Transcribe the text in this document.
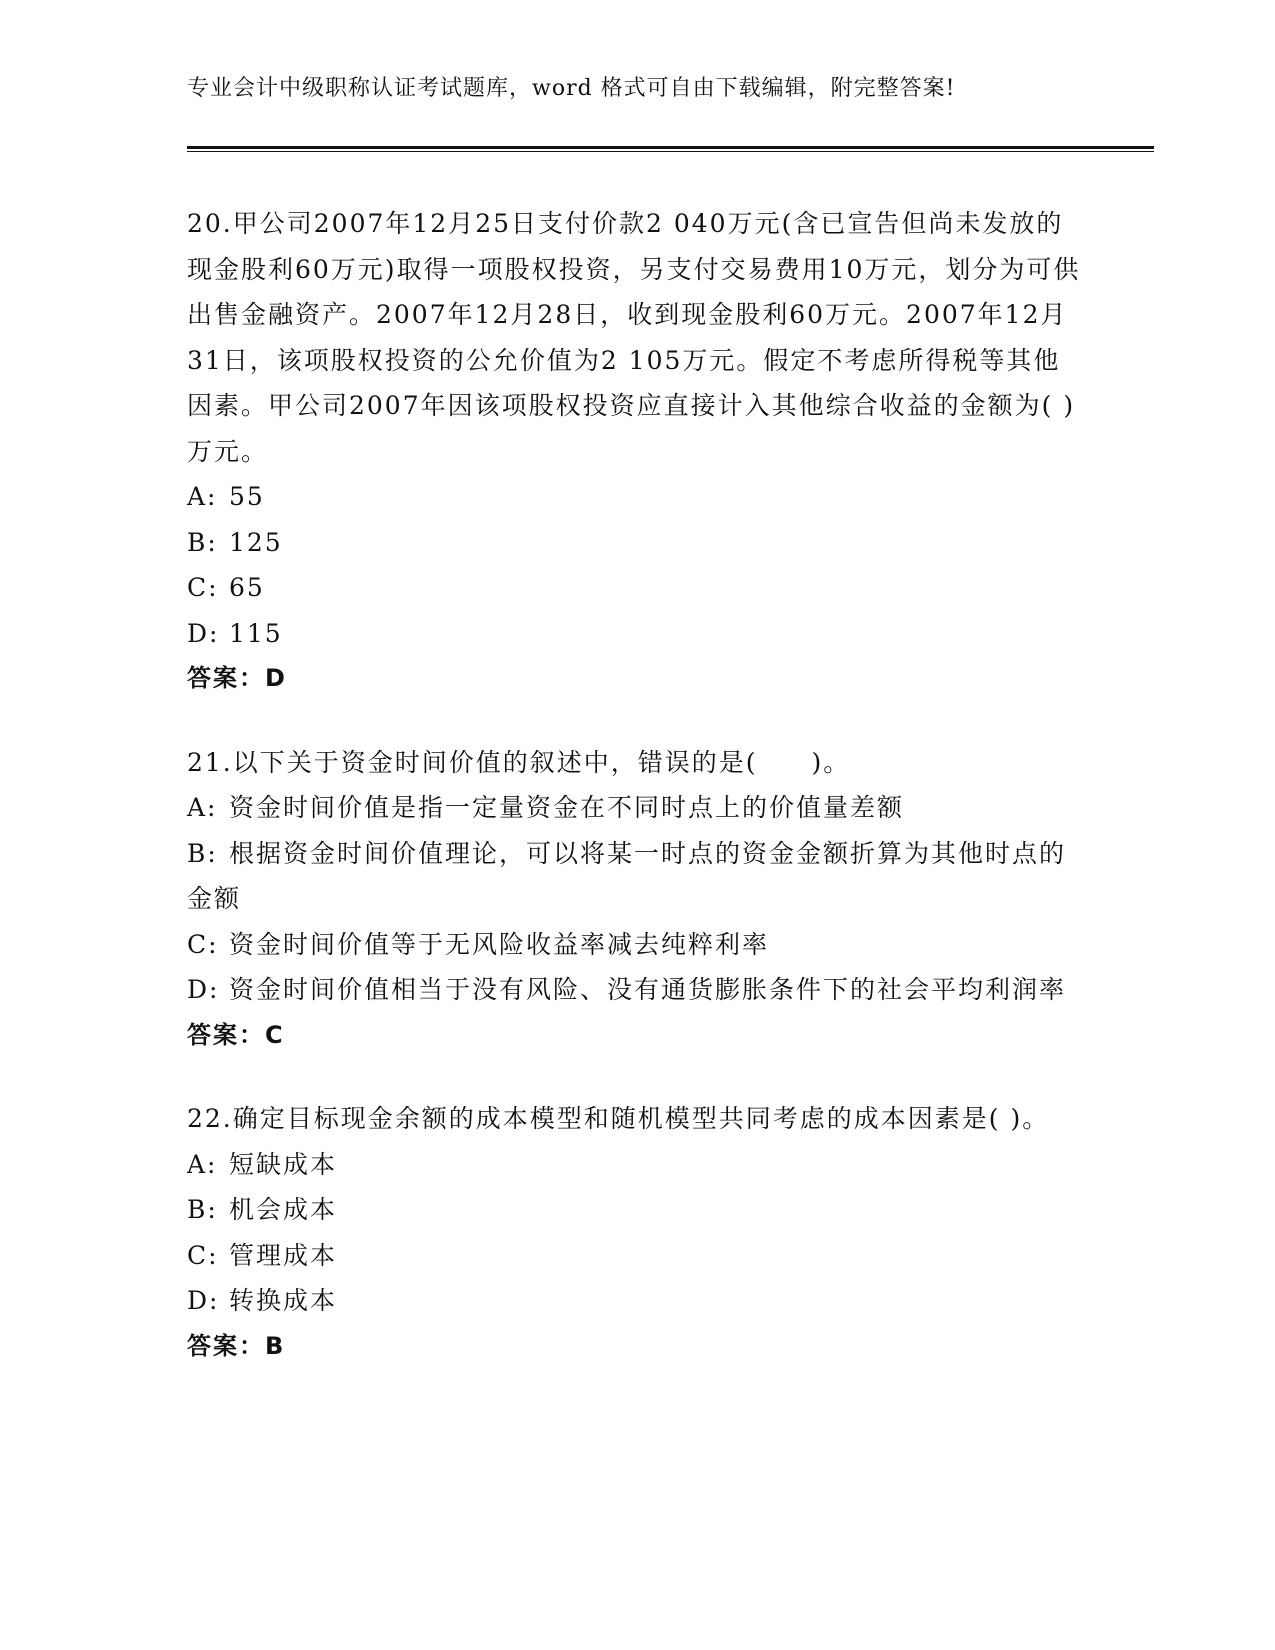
专业会计中级职称认证考试题库，word 格式可自由下载编辑，附完整答案!

20.甲公司2007年12月25日支付价款2 040万元(含已宣告但尚未发放的现金股利60万元)取得一项股权投资，另支付交易费用10万元，划分为可供出售金融资产。2007年12月28日，收到现金股利60万元。2007年12月31日，该项股权投资的公允价值为2 105万元。假定不考虑所得税等其他因素。甲公司2007年因该项股权投资应直接计入其他综合收益的金额为( )万元。

A: 55

B: 125

C: 65

D: 115

答案：D

21.以下关于资金时间价值的叙述中，错误的是(　　)。

A: 资金时间价值是指一定量资金在不同时点上的价值量差额

B: 根据资金时间价值理论，可以将某一时点的资金金额折算为其他时点的金额

C: 资金时间价值等于无风险收益率减去纯粹利率

D: 资金时间价值相当于没有风险、没有通货膨胀条件下的社会平均利润率

答案：C

22.确定目标现金余额的成本模型和随机模型共同考虑的成本因素是( )。

A: 短缺成本

B: 机会成本

C: 管理成本

D: 转换成本

答案：B
